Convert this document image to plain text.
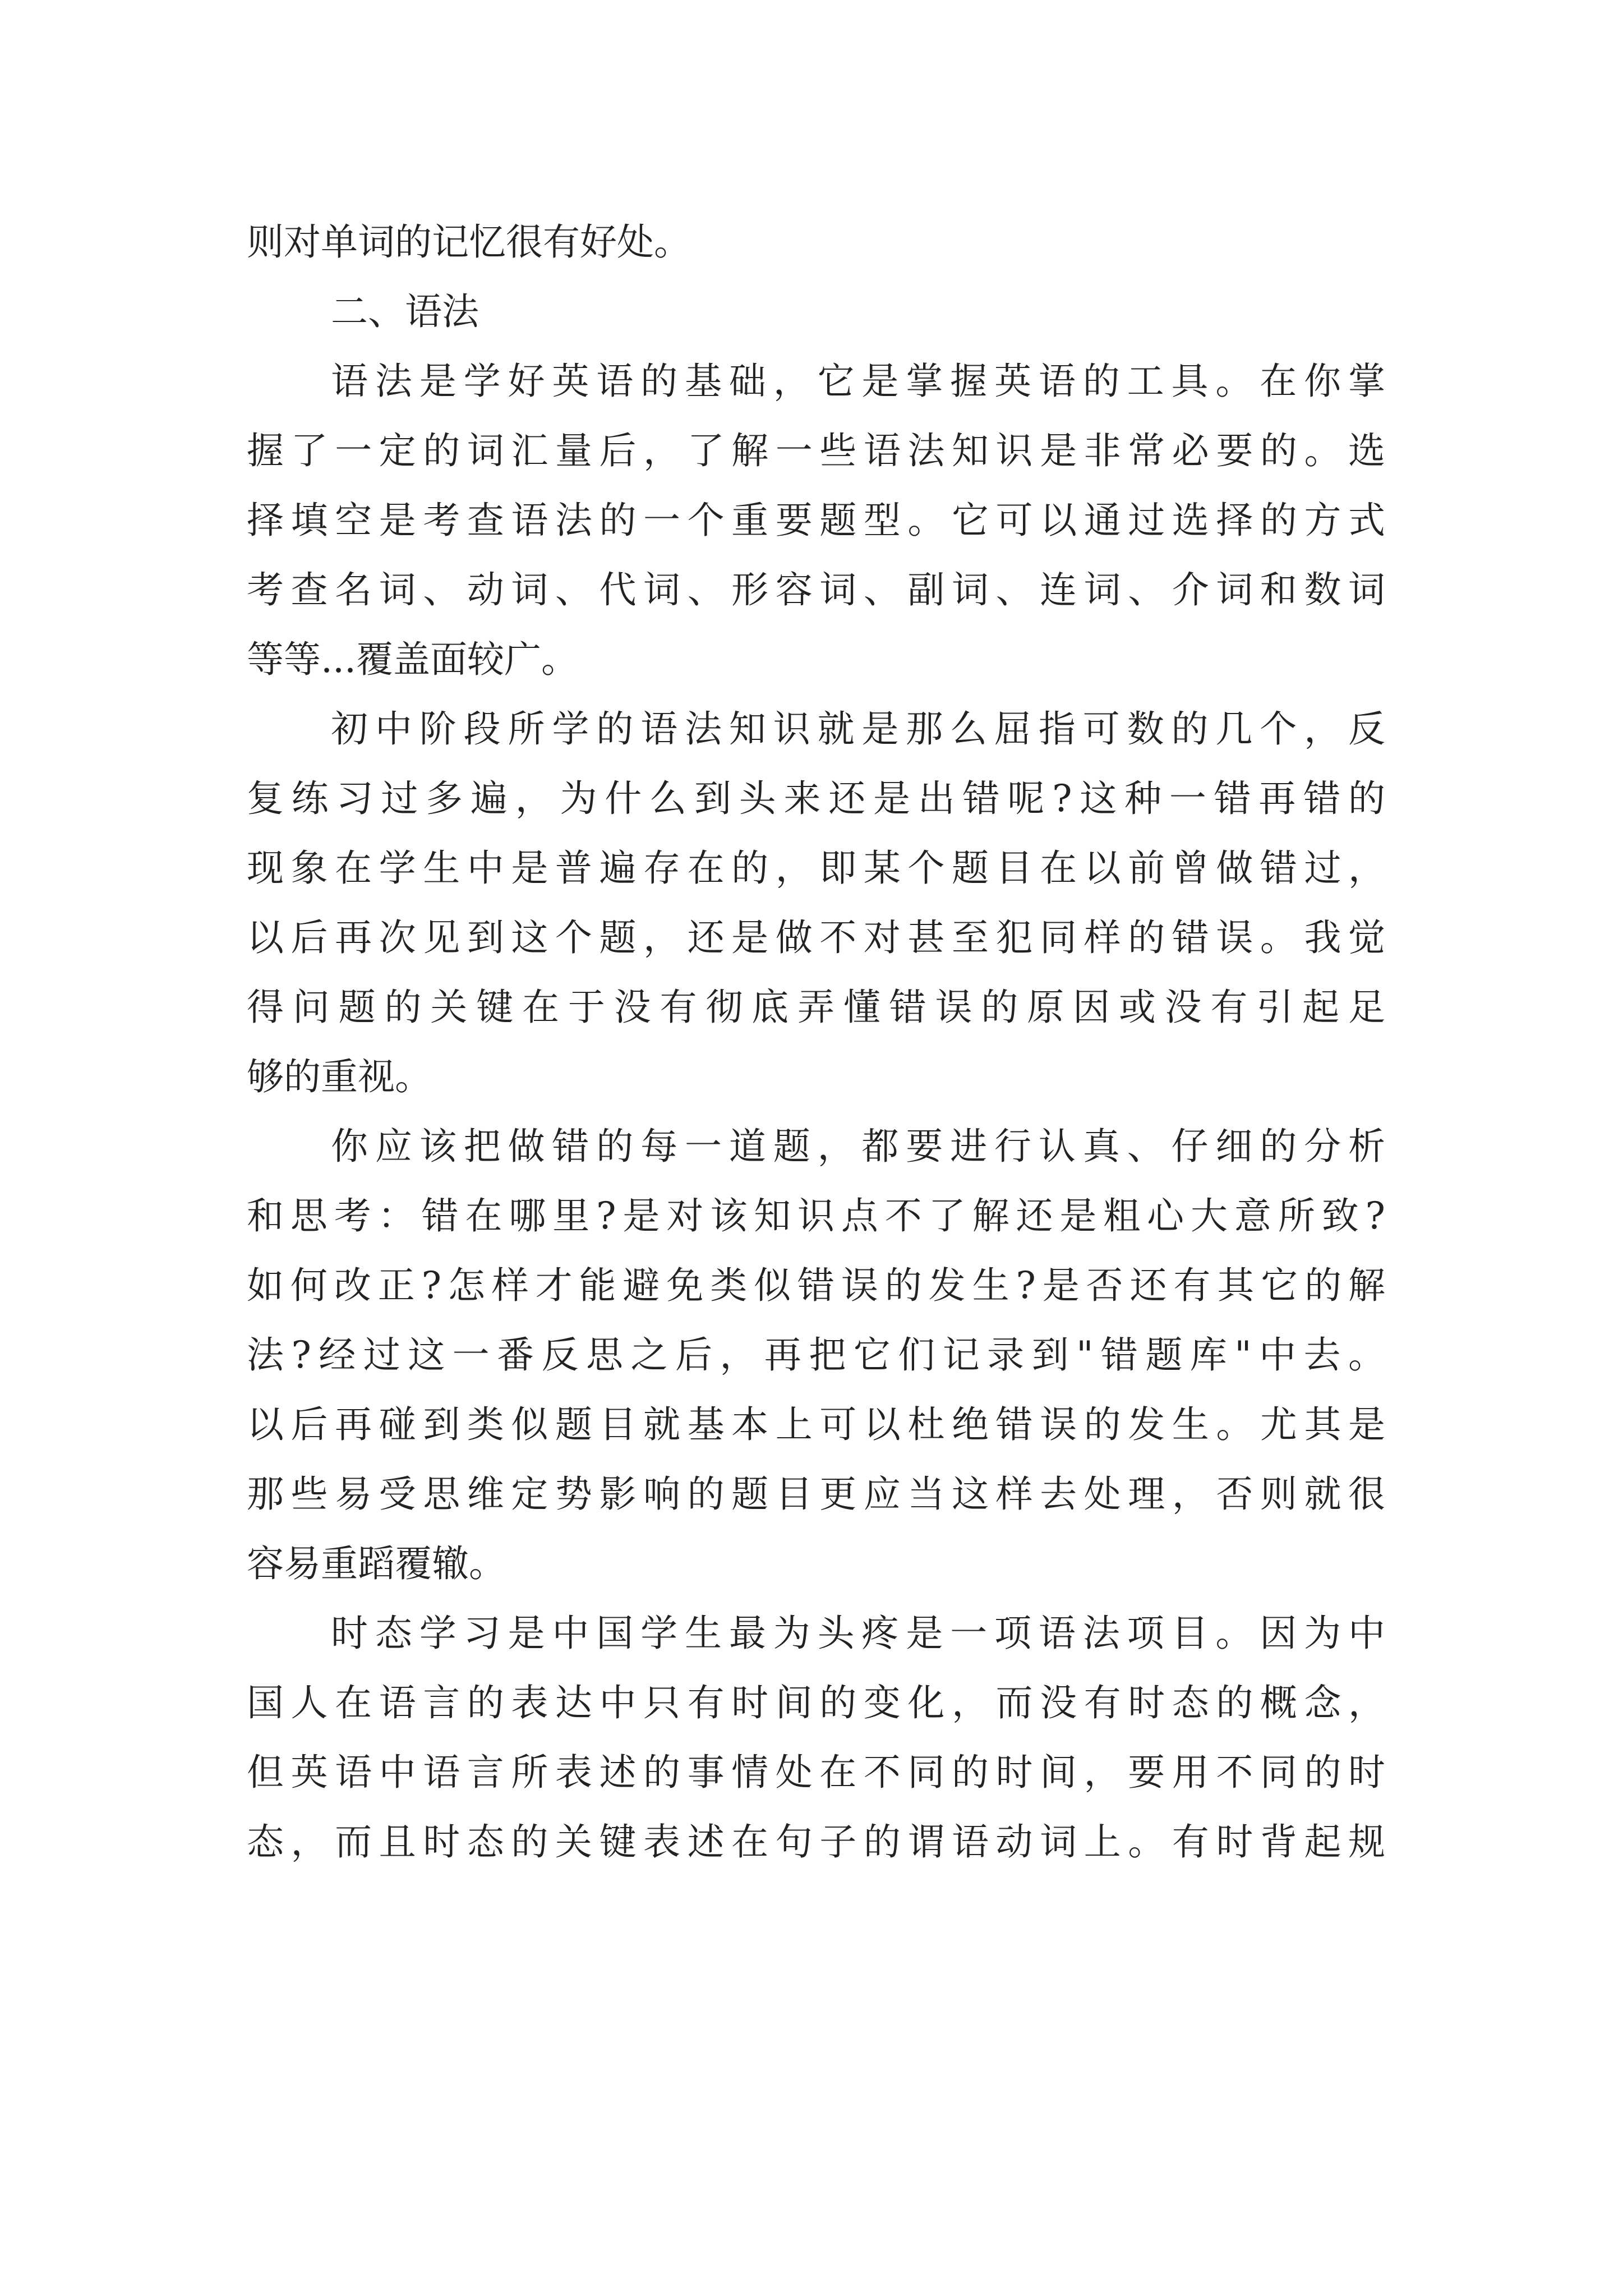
则对单词的记忆很有好处。
二、语法
语法是学好英语的基础，它是掌握英语的工具。在你掌
握了一定的词汇量后，了解一些语法知识是非常必要的。选
择填空是考查语法的一个重要题型。它可以通过选择的方式
考查名词、动词、代词、形容词、副词、连词、介词和数词
等等...覆盖面较广。
初中阶段所学的语法知识就是那么屈指可数的几个，反
复练习过多遍，为什么到头来还是出错呢?这种一错再错的
现象在学生中是普遍存在的，即某个题目在以前曾做错过，
以后再次见到这个题，还是做不对甚至犯同样的错误。我觉
得问题的关键在于没有彻底弄懂错误的原因或没有引起足
够的重视。
你应该把做错的每一道题，都要进行认真、仔细的分析
和思考：错在哪里?是对该知识点不了解还是粗心大意所致?
如何改正?怎样才能避免类似错误的发生?是否还有其它的解
法?经过这一番反思之后，再把它们记录到"错题库"中去。
以后再碰到类似题目就基本上可以杜绝错误的发生。尤其是
那些易受思维定势影响的题目更应当这样去处理，否则就很
容易重蹈覆辙。
时态学习是中国学生最为头疼是一项语法项目。因为中
国人在语言的表达中只有时间的变化，而没有时态的概念，
但英语中语言所表述的事情处在不同的时间，要用不同的时
态，而且时态的关键表述在句子的谓语动词上。有时背起规
